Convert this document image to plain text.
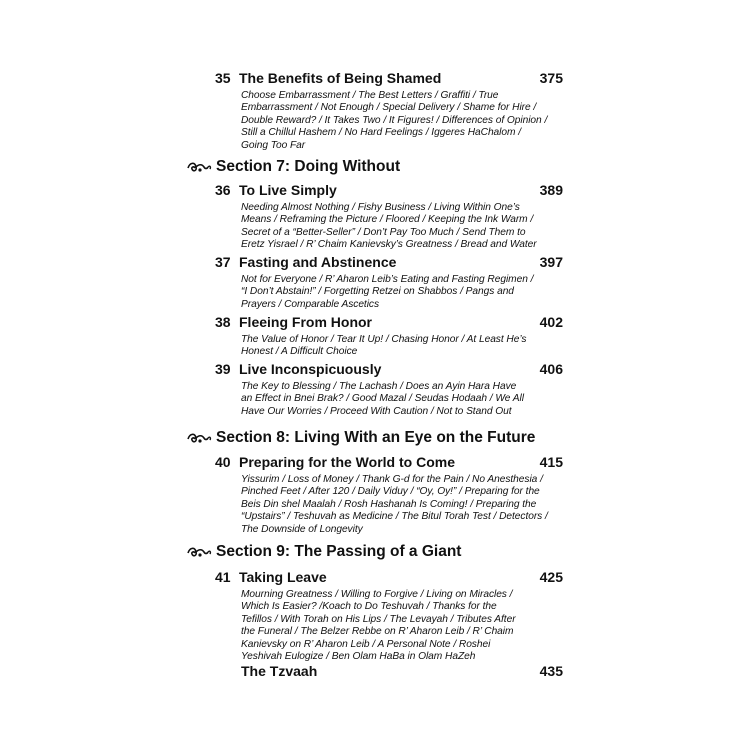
35 The Benefits of Being Shamed	375
Choose Embarrassment / The Best Letters / Graffiti / True
Embarrassment / Not Enough / Special Delivery / Shame for Hire /
Double Reward? / It Takes Two / It Figures! / Differences of Opinion /
Still a Chillul Hashem / No Hard Feelings / Iggeres HaChalom /
Going Too Far
Section 7: Doing Without
36 To Live Simply	389
Needing Almost Nothing / Fishy Business / Living Within One’s
Means / Reframing the Picture / Floored / Keeping the Ink Warm /
Secret of a “Better-Seller” / Don’t Pay Too Much / Send Them to
Eretz Yisrael / R’ Chaim Kanievsky’s Greatness / Bread and Water
37 Fasting and Abstinence	397
Not for Everyone / R’ Aharon Leib’s Eating and Fasting Regimen /
“I Don’t Abstain!” / Forgetting Retzei on Shabbos / Pangs and
Prayers / Comparable Ascetics
38 Fleeing From Honor	402
The Value of Honor / Tear It Up! / Chasing Honor / At Least He’s
Honest / A Difficult Choice
39 Live Inconspicuously	406
The Key to Blessing / The Lachash / Does an Ayin Hara Have
an Effect in Bnei Brak? / Good Mazal / Seudas Hodaah / We All
Have Our Worries / Proceed With Caution / Not to Stand Out
Section 8: Living With an Eye on the Future
40 Preparing for the World to Come	415
Yissurim / Loss of Money / Thank G-d for the Pain / No Anesthesia /
Pinched Feet / After 120 / Daily Viduy / “Oy, Oy!” / Preparing for the
Beis Din shel Maalah / Rosh Hashanah Is Coming! / Preparing the
“Upstairs” / Teshuvah as Medicine / The Bitul Torah Test / Detectors /
The Downside of Longevity
Section 9: The Passing of a Giant
41 Taking Leave	425
Mourning Greatness / Willing to Forgive / Living on Miracles /
Which Is Easier? /Koach to Do Teshuvah / Thanks for the
Tefillos / With Torah on His Lips / The Levayah / Tributes After
the Funeral / The Belzer Rebbe on R’ Aharon Leib / R’ Chaim
Kanievsky on R’ Aharon Leib / A Personal Note / Roshei
Yeshivah Eulogize / Ben Olam HaBa in Olam HaZeh
The Tzvaah	435
